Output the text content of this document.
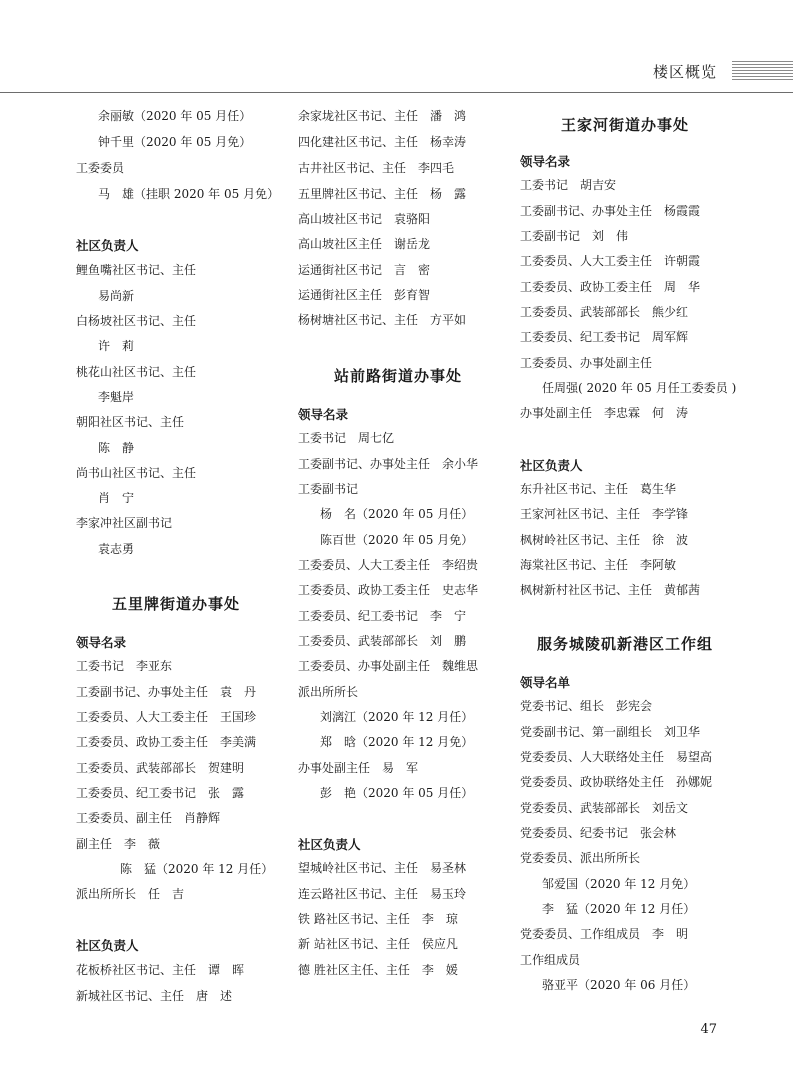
楼区概览
余丽敏（2020 年 05 月任）
钟千里（2020 年 05 月免）
工委委员
马　雄（挂职 2020 年 05 月免）
社区负责人
鲤鱼嘴社区书记、主任
易尚新
白杨坡社区书记、主任
许　莉
桃花山社区书记、主任
李魁岸
朝阳社区书记、主任
陈　静
尚书山社区书记、主任
肖　宁
李家冲社区副书记
袁志勇
五里牌街道办事处
领导名录
工委书记　李亚东
工委副书记、办事处主任　袁　丹
工委委员、人大工委主任　王国珍
工委委员、政协工委主任　李美满
工委委员、武装部部长　贺建明
工委委员、纪工委书记　张　露
工委委员、副主任　肖静辉
副主任　李　薇
陈　猛（2020 年 12 月任）
派出所所长　任　吉
社区负责人
花板桥社区书记、主任　谭　晖
新城社区书记、主任　唐　述
余家垅社区书记、主任　潘　鸿
四化建社区书记、主任　杨幸涛
古井社区书记、主任　李四毛
五里牌社区书记、主任　杨　露
高山坡社区书记　袁骆阳
高山坡社区主任　谢岳龙
运通街社区书记　言　密
运通街社区主任　彭育智
杨树塘社区书记、主任　方平如
站前路街道办事处
领导名录
工委书记　周七亿
工委副书记、办事处主任　余小华
工委副书记
杨　名（2020 年 05 月任）
陈百世（2020 年 05 月免）
工委委员、人大工委主任　李绍贵
工委委员、政协工委主任　史志华
工委委员、纪工委书记　李　宁
工委委员、武装部部长　刘　鹏
工委委员、办事处副主任　魏维思
派出所所长
刘漓江（2020 年 12 月任）
郑　晗（2020 年 12 月免）
办事处副主任　易　军
彭　艳（2020 年 05 月任）
社区负责人
望城岭社区书记、主任　易圣林
连云路社区书记、主任　易玉玲
铁 路社区书记、主任　李　琼
新 站社区书记、主任　侯应凡
德 胜社区主任、主任　李　媛
王家河街道办事处
领导名录
工委书记　胡吉安
工委副书记、办事处主任　杨霞霞
工委副书记　刘　伟
工委委员、人大工委主任　许朝霞
工委委员、政协工委主任　周　华
工委委员、武装部部长　熊少红
工委委员、纪工委书记　周军辉
工委委员、办事处副主任
任周强( 2020 年 05 月任工委委员 )
办事处副主任　李忠霖　何　涛
社区负责人
东升社区书记、主任　葛生华
王家河社区书记、主任　李学锋
枫树岭社区书记、主任　徐　波
海棠社区书记、主任　李阿敏
枫树新村社区书记、主任　黄郁茜
服务城陵矶新港区工作组
领导名单
党委书记、组长　彭宪会
党委副书记、第一副组长　刘卫华
党委委员、人大联络处主任　易望高
党委委员、政协联络处主任　孙娜妮
党委委员、武装部部长　刘岳文
党委委员、纪委书记　张会林
党委委员、派出所所长
邹爱国（2020 年 12 月免）
李　猛（2020 年 12 月任）
党委委员、工作组成员　李　明
工作组成员
骆亚平（2020 年 06 月任）
47
